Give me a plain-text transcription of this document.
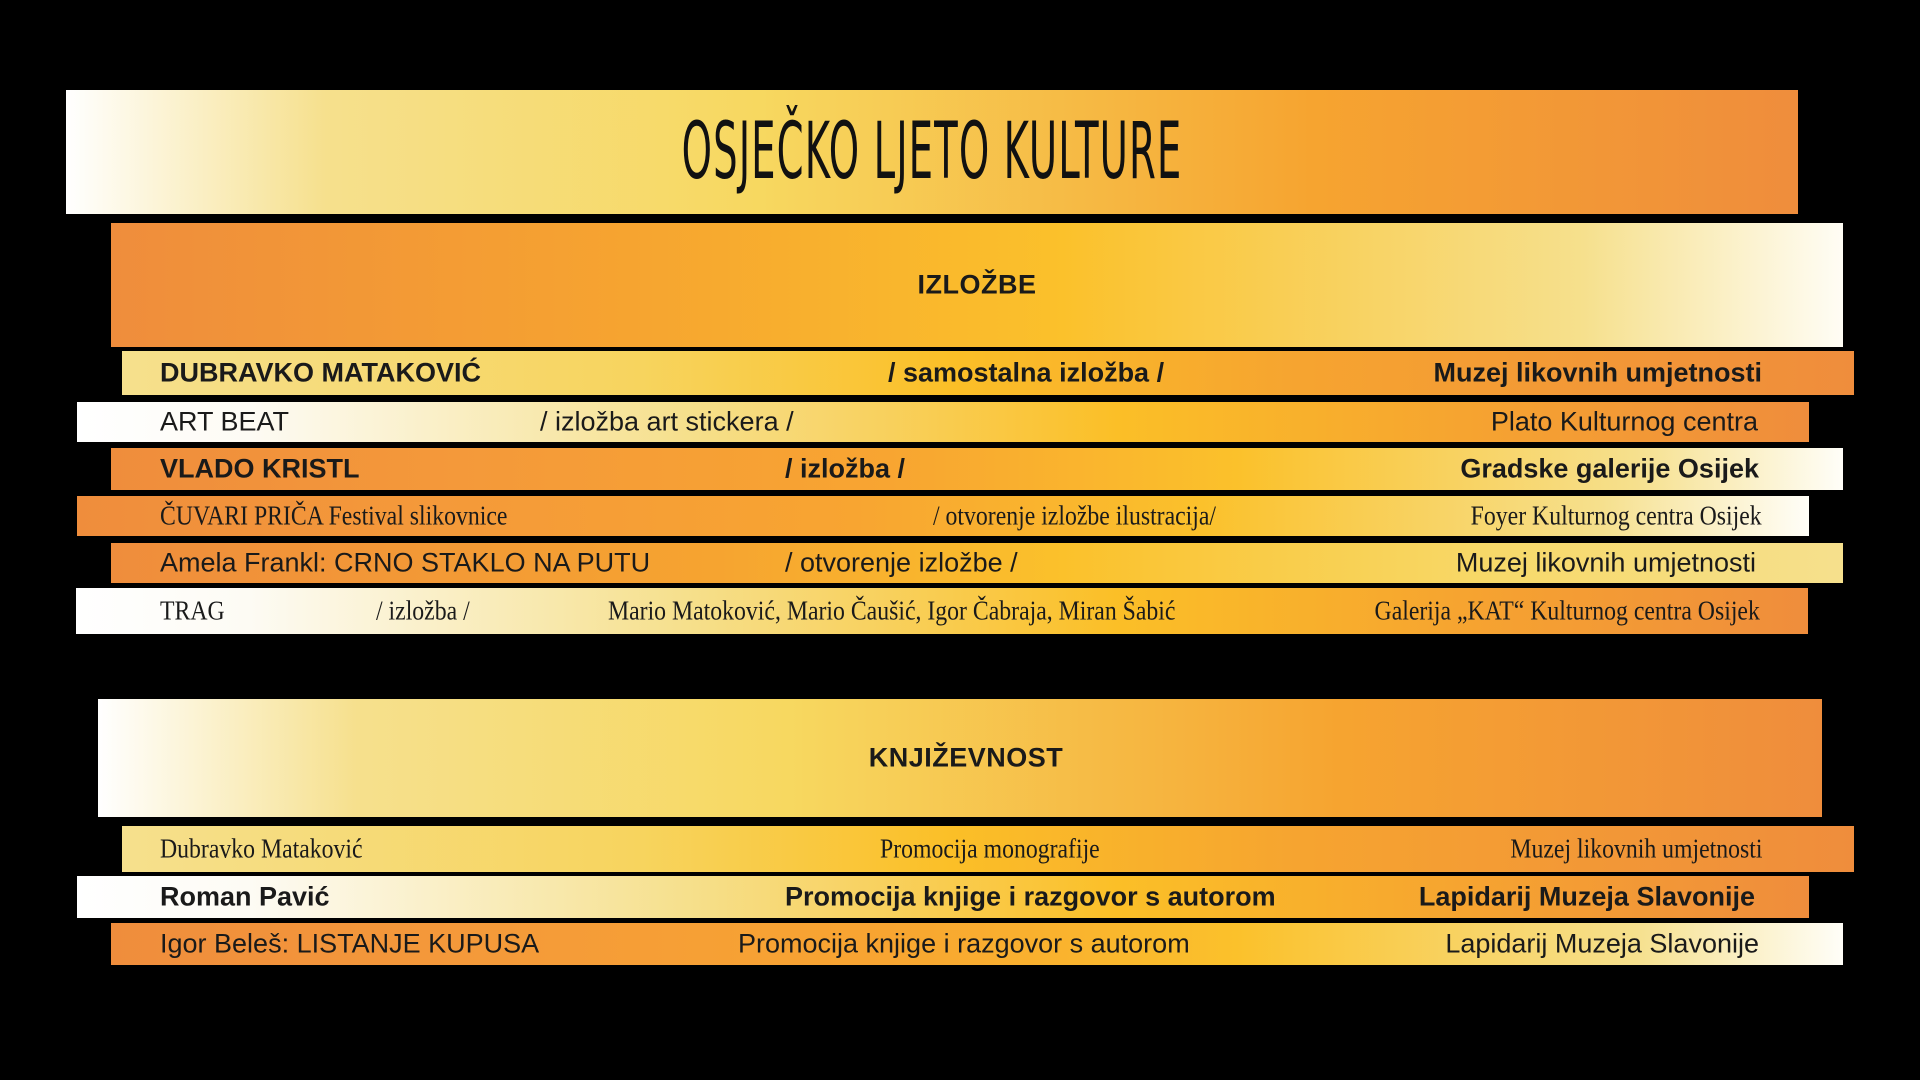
OSJEČKO LJETO KULTURE
IZLOŽBE
DUBRAVKO MATAKOVIĆ	/ samostalna izložba /	Muzej likovnih umjetnosti
ART BEAT	/ izložba art stickera /	Plato Kulturnog centra
VLADO KRISTL	/ izložba /	Gradske galerije Osijek
ČUVARI PRIČA Festival slikovnice	/ otvorenje izložbe ilustracija/	Foyer Kulturnog centra Osijek
Amela Frankl: CRNO STAKLO NA PUTU	/ otvorenje izložbe /	Muzej likovnih umjetnosti
TRAG	/ izložba /	Mario Matoković, Mario Čaušić, Igor Čabraja, Miran Šabić	Galerija „KAT“ Kulturnog centra Osijek
KNJIŽEVNOST
Dubravko Mataković	Promocija monografije	Muzej likovnih umjetnosti
Roman Pavić	Promocija knjige i razgovor s autorom	Lapidarij Muzeja Slavonije
Igor Beleš: LISTANJE KUPUSA	Promocija knjige i razgovor s autorom	Lapidarij Muzeja Slavonije
